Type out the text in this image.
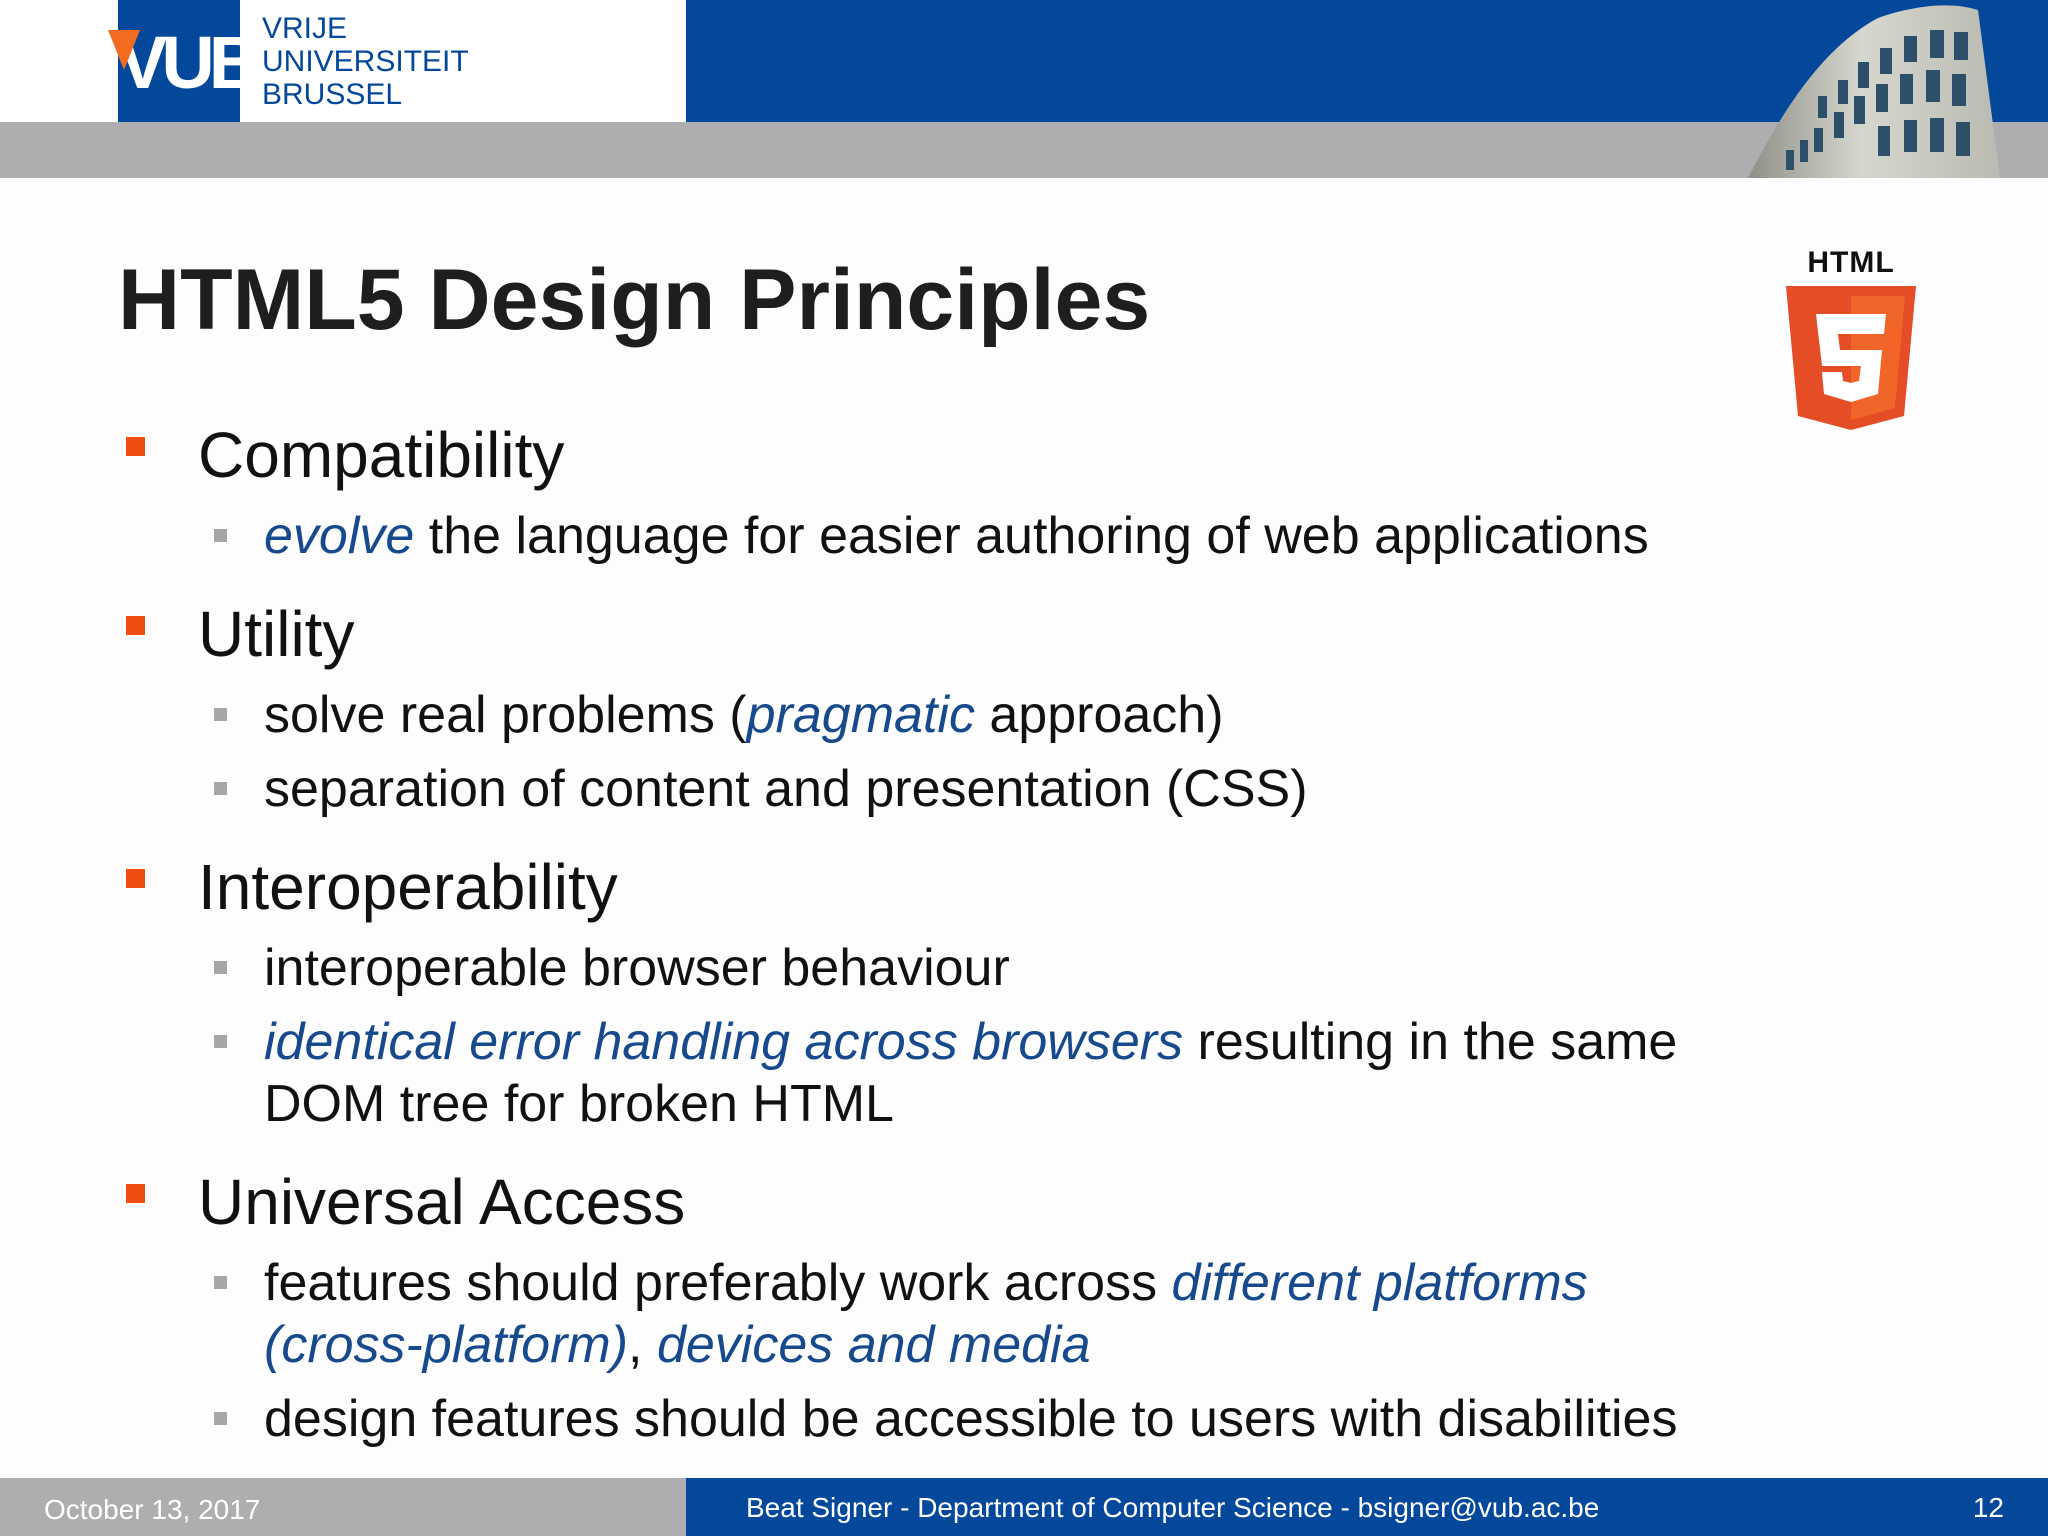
VUB VRIJE
UNIVERSITEIT
BRUSSEL
HTML5 Design Principles	HTML
Compatibility
evolve the language for easier authoring of web applications
Utility
solve real problems (pragmatic approach)
separation of content and presentation (CSS)
Interoperability
interoperable browser behaviour
identical error handling across browsers resulting in the same
DOM tree for broken HTML
Universal Access
features should preferably work across different platforms
(cross-platform), devices and media
design features should be accessible to users with disabilities
October 13, 2017	Beat Signer - Department of Computer Science - bsigner@vub.ac.be	12
